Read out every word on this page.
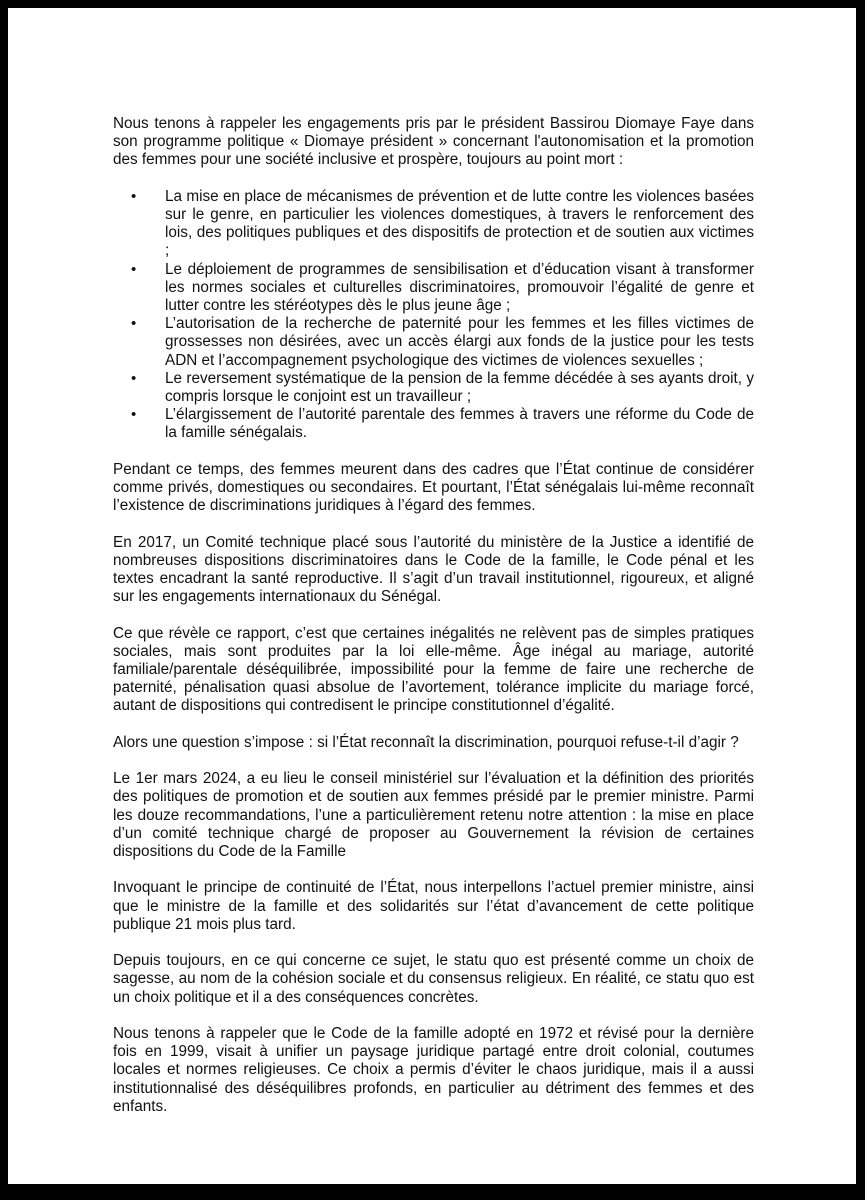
Nous tenons à rappeler les engagements pris par le président Bassirou Diomaye Faye dans son programme politique « Diomaye président » concernant l'autonomisation et la promotion des femmes pour une société inclusive et prospère, toujours au point mort :

• La mise en place de mécanismes de prévention et de lutte contre les violences basées sur le genre, en particulier les violences domestiques, à travers le renforcement des lois, des politiques publiques et des dispositifs de protection et de soutien aux victimes ;
• Le déploiement de programmes de sensibilisation et d’éducation visant à transformer les normes sociales et culturelles discriminatoires, promouvoir l’égalité de genre et lutter contre les stéréotypes dès le plus jeune âge ;
• L’autorisation de la recherche de paternité pour les femmes et les filles victimes de grossesses non désirées, avec un accès élargi aux fonds de la justice pour les tests ADN et l’accompagnement psychologique des victimes de violences sexuelles ;
• Le reversement systématique de la pension de la femme décédée à ses ayants droit, y compris lorsque le conjoint est un travailleur ;
• L’élargissement de l’autorité parentale des femmes à travers une réforme du Code de la famille sénégalais.

Pendant ce temps, des femmes meurent dans des cadres que l’État continue de considérer comme privés, domestiques ou secondaires. Et pourtant, l’État sénégalais lui-même reconnaît l’existence de discriminations juridiques à l’égard des femmes.

En 2017, un Comité technique placé sous l’autorité du ministère de la Justice a identifié de nombreuses dispositions discriminatoires dans le Code de la famille, le Code pénal et les textes encadrant la santé reproductive. Il s’agit d’un travail institutionnel, rigoureux, et aligné sur les engagements internationaux du Sénégal.

Ce que révèle ce rapport, c’est que certaines inégalités ne relèvent pas de simples pratiques sociales, mais sont produites par la loi elle-même. Âge inégal au mariage, autorité familiale/parentale déséquilibrée, impossibilité pour la femme de faire une recherche de paternité, pénalisation quasi absolue de l’avortement, tolérance implicite du mariage forcé, autant de dispositions qui contredisent le principe constitutionnel d’égalité.

Alors une question s’impose : si l’État reconnaît la discrimination, pourquoi refuse-t-il d’agir ?

Le 1er mars 2024, a eu lieu le conseil ministériel sur l’évaluation et la définition des priorités des politiques de promotion et de soutien aux femmes présidé par le premier ministre. Parmi les douze recommandations, l’une a particulièrement retenu notre attention : la mise en place d’un comité technique chargé de proposer au Gouvernement la révision de certaines dispositions du Code de la Famille

Invoquant le principe de continuité de l’État, nous interpellons l’actuel premier ministre, ainsi que le ministre de la famille et des solidarités sur l’état d’avancement de cette politique publique 21 mois plus tard.

Depuis toujours, en ce qui concerne ce sujet, le statu quo est présenté comme un choix de sagesse, au nom de la cohésion sociale et du consensus religieux. En réalité, ce statu quo est un choix politique et il a des conséquences concrètes.

Nous tenons à rappeler que le Code de la famille adopté en 1972 et révisé pour la dernière fois en 1999, visait à unifier un paysage juridique partagé entre droit colonial, coutumes locales et normes religieuses. Ce choix a permis d’éviter le chaos juridique, mais il a aussi institutionnalisé des déséquilibres profonds, en particulier au détriment des femmes et des enfants.
